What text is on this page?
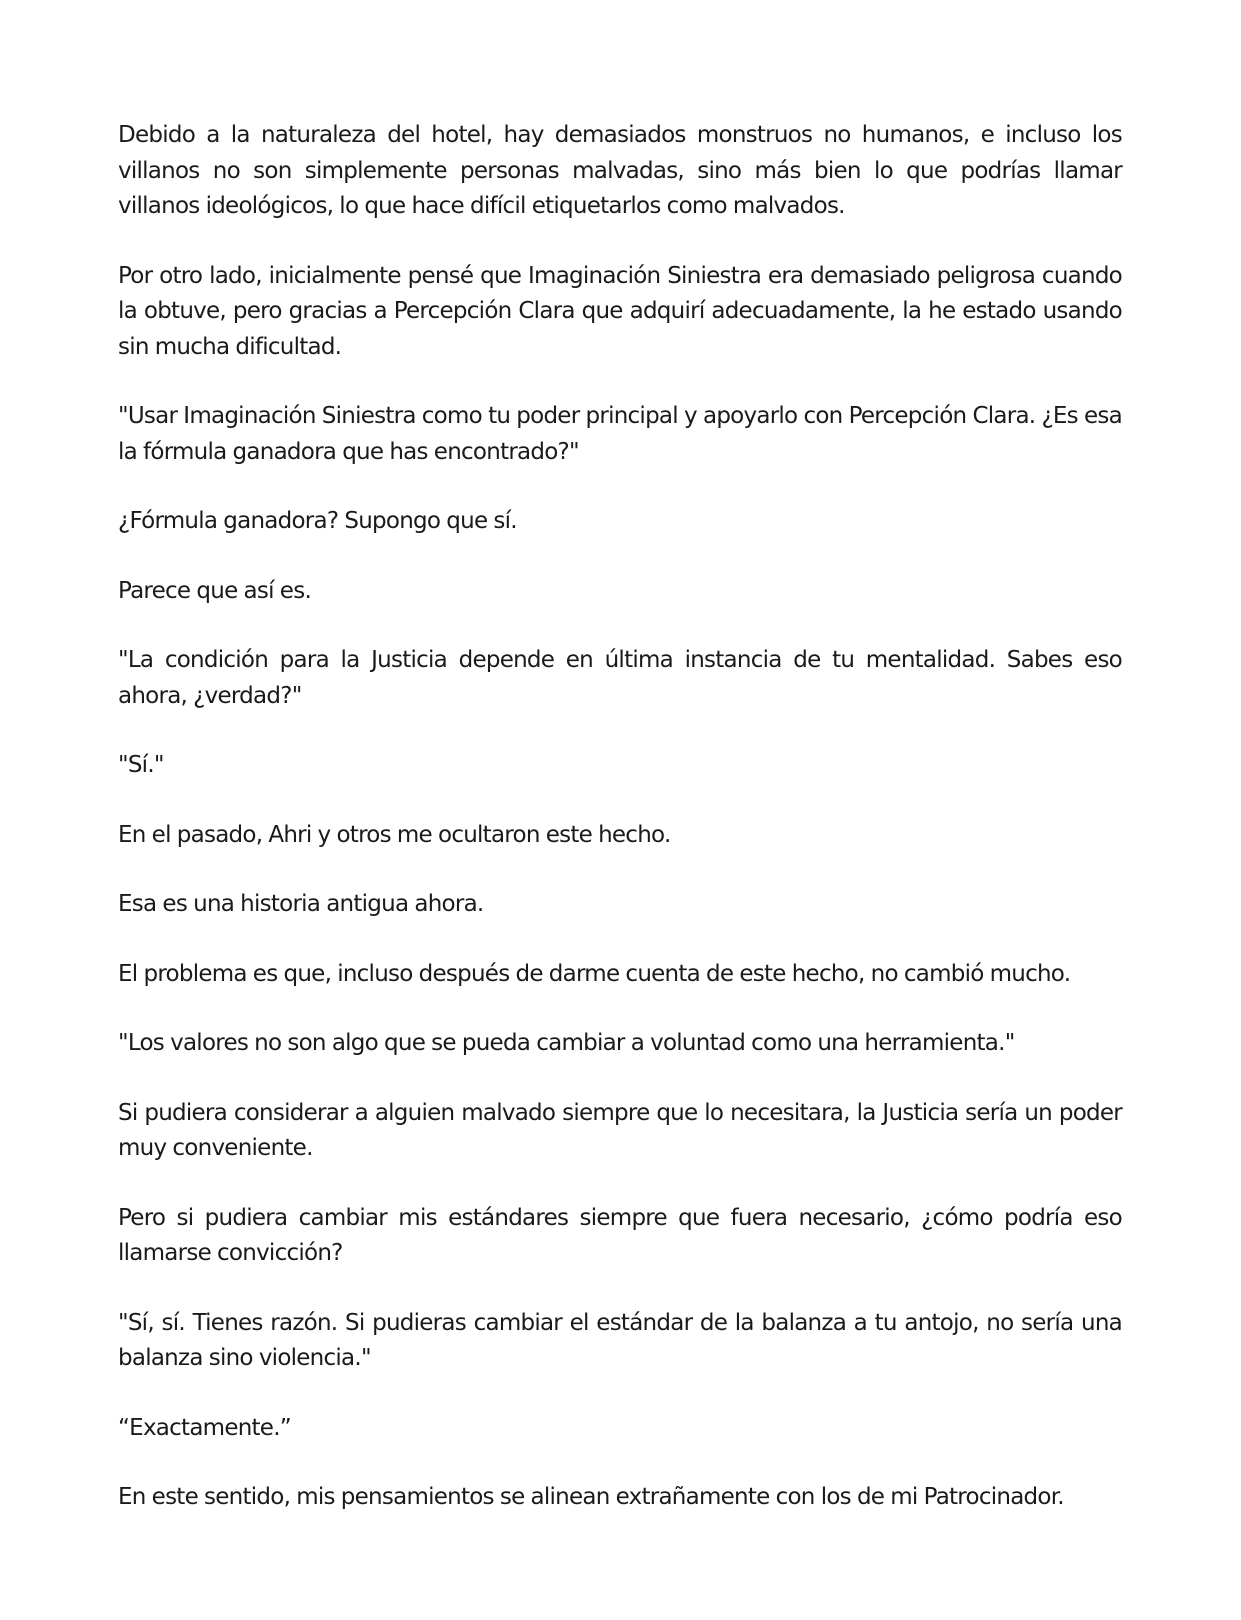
Debido a la naturaleza del hotel, hay demasiados monstruos no humanos, e incluso los villanos no son simplemente personas malvadas, sino más bien lo que podrías llamar villanos ideológicos, lo que hace difícil etiquetarlos como malvados.

Por otro lado, inicialmente pensé que Imaginación Siniestra era demasiado peligrosa cuando la obtuve, pero gracias a Percepción Clara que adquirí adecuadamente, la he estado usando sin mucha dificultad.

"Usar Imaginación Siniestra como tu poder principal y apoyarlo con Percepción Clara. ¿Es esa la fórmula ganadora que has encontrado?"

¿Fórmula ganadora? Supongo que sí.

Parece que así es.

"La condición para la Justicia depende en última instancia de tu mentalidad. Sabes eso ahora, ¿verdad?"

"Sí."

En el pasado, Ahri y otros me ocultaron este hecho.

Esa es una historia antigua ahora.

El problema es que, incluso después de darme cuenta de este hecho, no cambió mucho.

"Los valores no son algo que se pueda cambiar a voluntad como una herramienta."

Si pudiera considerar a alguien malvado siempre que lo necesitara, la Justicia sería un poder muy conveniente.

Pero si pudiera cambiar mis estándares siempre que fuera necesario, ¿cómo podría eso llamarse convicción?

"Sí, sí. Tienes razón. Si pudieras cambiar el estándar de la balanza a tu antojo, no sería una balanza sino violencia."

“Exactamente.”

En este sentido, mis pensamientos se alinean extrañamente con los de mi Patrocinador.
